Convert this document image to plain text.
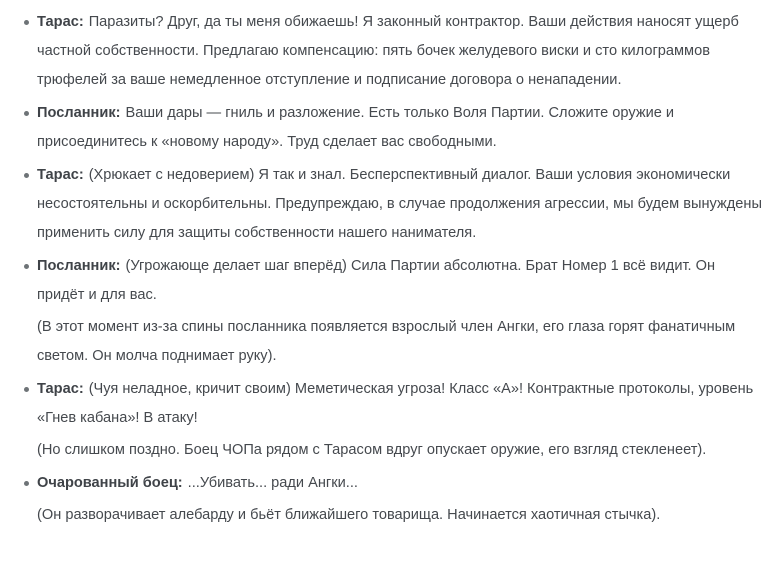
Тарас: Паразиты? Друг, да ты меня обижаешь! Я законный контрактор. Ваши действия наносят ущерб частной собственности. Предлагаю компенсацию: пять бочек желудевого виски и сто килограммов трюфелей за ваше немедленное отступление и подписание договора о ненападении.

Посланник: Ваши дары — гниль и разложение. Есть только Воля Партии. Сложите оружие и присоединитесь к «новому народу». Труд сделает вас свободными.

Тарас: (Хрюкает с недоверием) Я так и знал. Бесперспективный диалог. Ваши условия экономически несостоятельны и оскорбительны. Предупреждаю, в случае продолжения агрессии, мы будем вынуждены применить силу для защиты собственности нашего нанимателя.

Посланник: (Угрожающе делает шаг вперёд) Сила Партии абсолютна. Брат Номер 1 всё видит. Он придёт и для вас.

(В этот момент из-за спины посланника появляется взрослый член Ангки, его глаза горят фанатичным светом. Он молча поднимает руку).

Тарас: (Чуя неладное, кричит своим) Меметическая угроза! Класс «А»! Контрактные протоколы, уровень «Гнев кабана»! В атаку!

(Но слишком поздно. Боец ЧОПа рядом с Тарасом вдруг опускает оружие, его взгляд стекленеет).

Очарованный боец: ...Убивать... ради Ангки...

(Он разворачивает алебарду и бьёт ближайшего товарища. Начинается хаотичная стычка).
